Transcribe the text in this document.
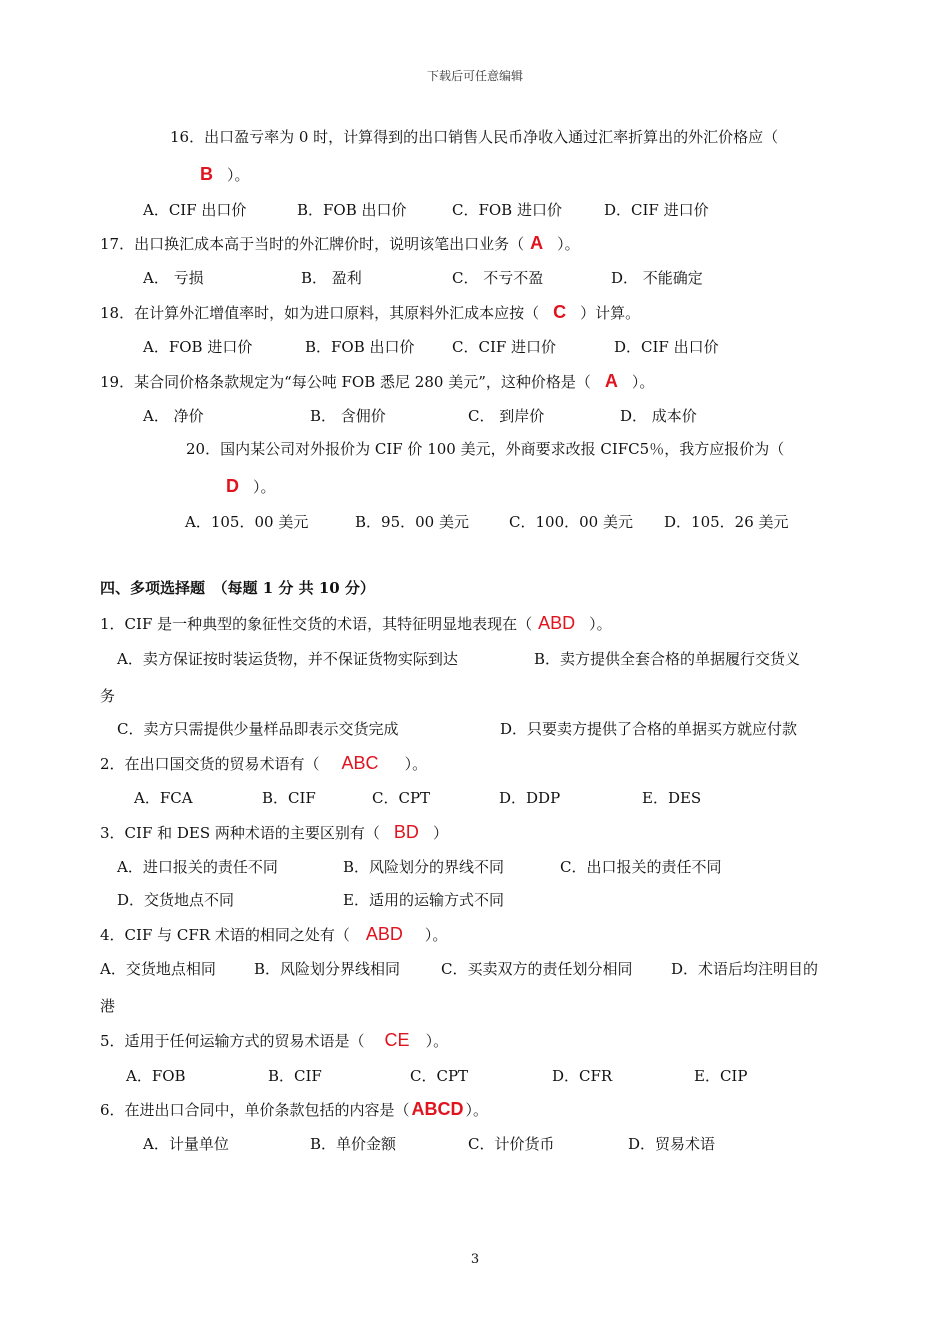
下载后可任意编辑
16．出口盈亏率为 0 时，计算得到的出口销售人民币净收入通过汇率折算出的外汇价格应（
B ）。
A．CIF 出口价	B．FOB 出口价	C．FOB 进口价	D．CIF 进口价
17．出口换汇成本高于当时的外汇牌价时，说明该笔出口业务（ A ）。
A． 亏损	B． 盈利	C． 不亏不盈	D． 不能确定
18．在计算外汇增值率时，如为进口原料，其原料外汇成本应按（ C ）计算。
A．FOB 进口价	B．FOB 出口价 C．CIF 进口价	D．CIF 出口价
19．某合同价格条款规定为“每公吨 FOB 悉尼 280 美元”，这种价格是（ A ）。
A． 净价	B． 含佣价	C． 到岸价	D． 成本价
20．国内某公司对外报价为 CIF 价 100 美元，外商要求改报 CIFC5％，我方应报价为（
D ）。
A．105．00 美元	B．95．00 美元	C．100．00 美元 D．105．26 美元
四、多项选择题　（每题 1 分 共 10 分）
1．CIF 是一种典型的象征性交货的术语，其特征明显地表现在（ ABD ）。
A．卖方保证按时装运货物，并不保证货物实际到达	B．卖方提供全套合格的单据履行交货义
务
C．卖方只需提供少量样品即表示交货完成	D．只要卖方提供了合格的单据买方就应付款
2．在出口国交货的贸易术语有（ ABC ）。
A．FCA	B．CIF	C．CPT	D．DDP	E．DES
3．CIF 和 DES 两种术语的主要区别有（ BD ）
A．进口报关的责任不同	B．风险划分的界线不同	C．出口报关的责任不同
D．交货地点不同	E．适用的运输方式不同
4．CIF 与 CFR 术语的相同之处有（ ABD ）。
A．交货地点相同	B．风险划分界线相同	C．买卖双方的责任划分相同	D．术语后均注明目的
港
5．适用于任何运输方式的贸易术语是（ CE ）。
A．FOB	B．CIF	C．CPT	D．CFR	E．CIP
6．在进出口合同中，单价条款包括的内容是（ ABCD ）。
A．计量单位	B．单价金额	C．计价货币	D．贸易术语
3
